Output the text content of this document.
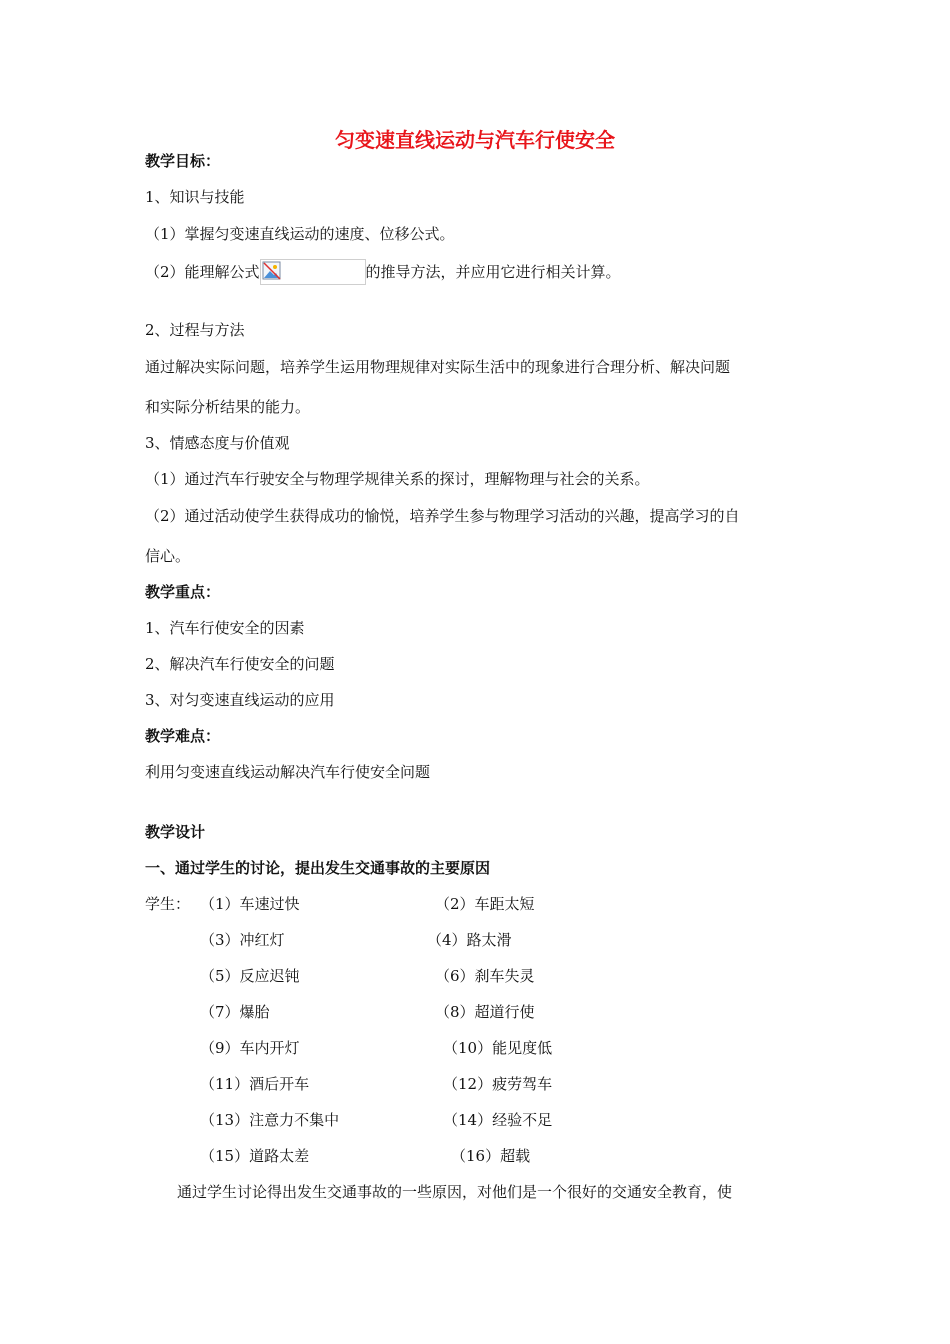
匀变速直线运动与汽车行使安全
教学目标：
1、知识与技能
（1）掌握匀变速直线运动的速度、位移公式。
（2）能理解公式	的推导方法，并应用它进行相关计算。
2、过程与方法
通过解决实际问题，培养学生运用物理规律对实际生活中的现象进行合理分析、解决问题
和实际分析结果的能力。
3、情感态度与价值观
（1）通过汽车行驶安全与物理学规律关系的探讨，理解物理与社会的关系。
（2）通过活动使学生获得成功的愉悦，培养学生参与物理学习活动的兴趣，提高学习的自
信心。
教学重点：
1、汽车行使安全的因素
2、解决汽车行使安全的问题
3、对匀变速直线运动的应用
教学难点：
利用匀变速直线运动解决汽车行使安全问题
教学设计
一、通过学生的讨论，提出发生交通事故的主要原因
学生： （1）车速过快	（2）车距太短
（3）冲红灯	（4）路太滑
（5）反应迟钝	（6）刹车失灵
（7）爆胎	（8）超道行使
（9）车内开灯	（10）能见度低
（11）酒后开车	（12）疲劳驾车
（13）注意力不集中	（14）经验不足
（15）道路太差	（16）超载
通过学生讨论得出发生交通事故的一些原因，对他们是一个很好的交通安全教育，使
